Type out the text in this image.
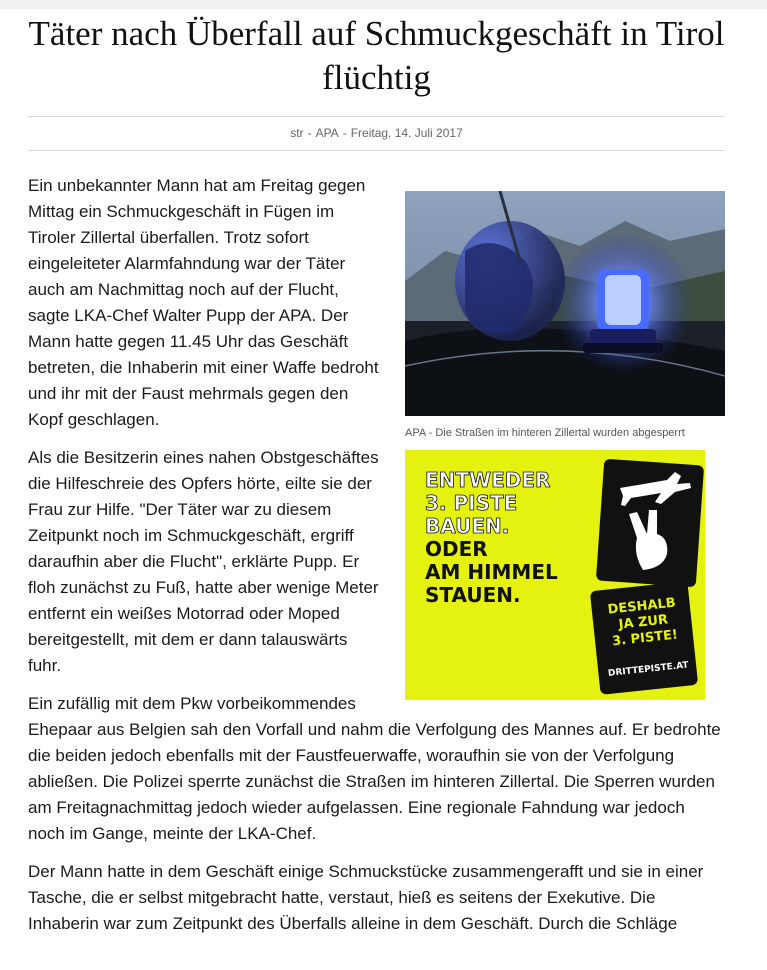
Täter nach Überfall auf Schmuckgeschäft in Tirol flüchtig
str - APA - Freitag, 14. Juli 2017
APA - Die Straßen im hinteren Zillertal wurden abgesperrt
ENTWEDER
3. PISTE
BAUEN.
ODER
AM HIMMEL
STAUEN.	DESHALB
JA ZUR
3. PISTE!
DRITTEPISTE.AT

Ein unbekannter Mann hat am Freitag gegen Mittag ein Schmuckgeschäft in Fügen im Tiroler Zillertal überfallen. Trotz sofort eingeleiteter Alarmfahndung war der Täter auch am Nachmittag noch auf der Flucht, sagte LKA-Chef Walter Pupp der APA. Der Mann hatte gegen 11.45 Uhr das Geschäft betreten, die Inhaberin mit einer Waffe bedroht und ihr mit der Faust mehrmals gegen den Kopf geschlagen.

Als die Besitzerin eines nahen Obstgeschäftes die Hilfeschreie des Opfers hörte, eilte sie der Frau zur Hilfe. "Der Täter war zu diesem Zeitpunkt noch im Schmuckgeschäft, ergriff daraufhin aber die Flucht", erklärte Pupp. Er floh zunächst zu Fuß, hatte aber wenige Meter entfernt ein weißes Motorrad oder Moped bereitgestellt, mit dem er dann talauswärts fuhr.

Ein zufällig mit dem Pkw vorbeikommendes Ehepaar aus Belgien sah den Vorfall und nahm die Verfolgung des Mannes auf. Er bedrohte die beiden jedoch ebenfalls mit der Faustfeuerwaffe, woraufhin sie von der Verfolgung abließen. Die Polizei sperrte zunächst die Straßen im hinteren Zillertal. Die Sperren wurden am Freitagnachmittag jedoch wieder aufgelassen. Eine regionale Fahndung war jedoch noch im Gange, meinte der LKA-Chef.

Der Mann hatte in dem Geschäft einige Schmuckstücke zusammengerafft und sie in einer Tasche, die er selbst mitgebracht hatte, verstaut, hieß es seitens der Exekutive. Die Inhaberin war zum Zeitpunkt des Überfalls alleine in dem Geschäft. Durch die Schläge
